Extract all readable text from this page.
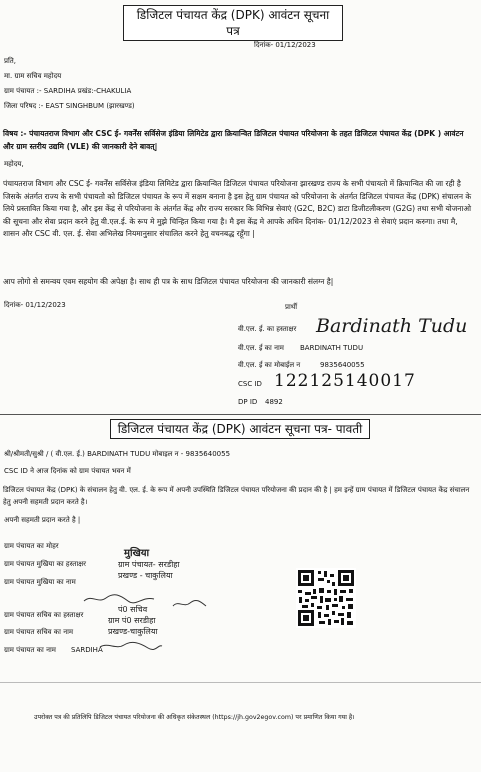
डिजिटल पंचायत केंद्र (DPK) आवंटन सूचना पत्र
दिनांक- 01/12/2023
प्रति,
मा. ग्राम सचिव महोदय
ग्राम पंचायत :- SARDIHA प्रखंड:-CHAKULIA
जिला परिषद :- EAST SINGHBUM (झारखण्ड)
विषय :- पंचायतराज विभाग और CSC ई- गवर्नेंस सर्विसेज इंडिया लिमिटेड द्वारा क्रियान्वित डिजिटल पंचायत परियोजना के तहत डिजिटल पंचायत केंद्र (DPK ) आवंटन और ग्राम स्तरीय उद्यमि (VLE) की जानकारी देने बावत्|
महोदय,
पंचायतराज विभाग और CSC ई- गवर्नेंस सर्विसेज इंडिया लिमिटेड द्वारा क्रियान्वित डिजिटल पंचायत परियोजना झारखण्ड राज्य के सभी पंचायतो में क्रियान्वित की जा रही है जिसके अंतर्गत राज्य के सभी पंचायतो को डिजिटल पंचायत के रूप में सक्षम बनाना है इस हेतु ग्राम पंचायत को परियोजना के अंतर्गत डिजिटल पंचायत केंद्र (DPK) संचालन के लिये प्रस्तावित किया गया है, और इस केंद्र से परियोजना के अंतर्गत केंद्र और राज्य सरकार कि विभिन्न सेवाएं (G2C, B2C) डाटा डिजीटलीकरण (G2G) तथा सभी योजनाओ की सूचना और सेवा प्रदान करने हेतु वी.एल.ई. के रूप मे मुझे चिन्हित किया गया है। मै इस केंद्र मे आपके अधिन दिनांक- 01/12/2023 से सेवाएं प्रदान करुगा। तथा मै, शासन और CSC वी. एल. ई. सेवा अभिलेख नियमानुसार संचालित करने हेतु वचनबद्ध रहूँगा |
आप लोगो से समन्वय एवम सहयोग की अपेक्षा है। साथ ही पत्र के साथ डिजिटल पंचायत परियोजना की जानकारी संलग्न है|
दिनांक- 01/12/2023	प्रार्थी
वी.एल. ई. का हस्ताक्षर Bardinath Tudu
वी.एल. ई का नाम BARDINATH TUDU
वी.एल. ई का मोबाईल न	9835640055
CSC ID 122125140017
DP ID 4892
डिजिटल पंचायत केंद्र (DPK) आवंटन सूचना पत्र- पावती
श्री/श्रीमती/सुश्री / ( वी.एल. ई.) BARDINATH TUDU मोबाइल न - 9835640055
CSC ID ने आज दिनांक को ग्राम पंचायत भवन में
डिजिटल पंचायत केंद्र (DPK) के संचालन हेतु वी. एल. ई. के रूप में अपनी उपस्थिति डिजिटल पंचायत परियोजना की प्रदान की है | हम इन्हें ग्राम पंचायत में डिजिटल पंचायत केंद्र संचालन हेतु अपनी सहमती प्रदान करते है।
अपनी सहमती प्रदान करते है |
ग्राम पंचायत का मोहर
ग्राम पंचायत मुखिया का हस्ताक्षर
ग्राम पंचायत मुखिया का नाम
ग्राम पंचायत सचिव का हस्ताक्षर
ग्राम पंचायत सचिव का नाम
ग्राम पंचायत का नाम SARDIHA
मुखिया
ग्राम पंचायत- सरडीहा
प्रखण्ड - चाकुलिया
पं0 सचिव
ग्राम पं0 सरडीहा
प्रखण्ड-चाकुलिया
उपरोक्त पत्र की प्रतिलिपि डिजिटल पंचायत परियोजना की अधिकृत संकेतस्थल (https://jh.gov2egov.com) पर प्रमाणित किया गया है।
